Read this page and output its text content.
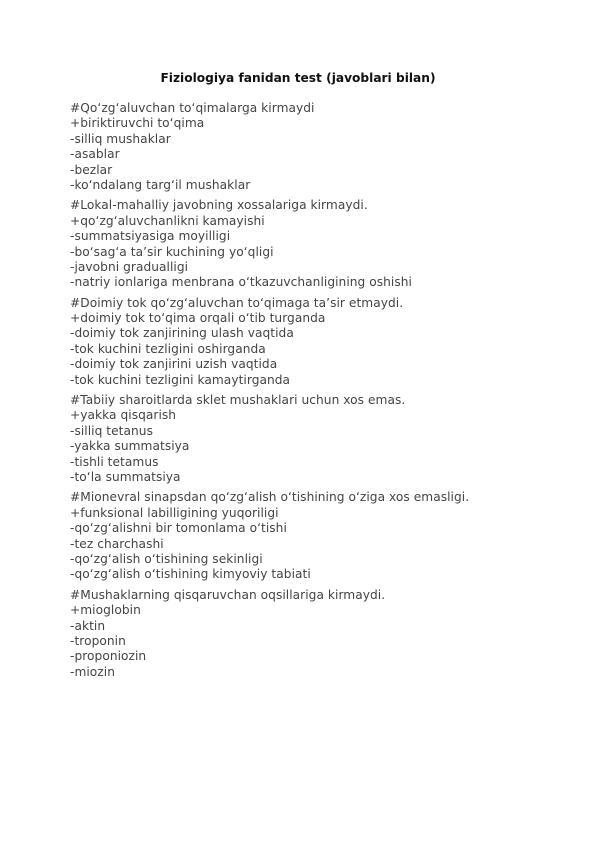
Fiziologiya fanidan test (javoblari bilan)
#Qo‘zg‘aluvchan to‘qimalarga kirmaydi
+biriktiruvchi to‘qima
-silliq mushaklar
-asablar
-bezlar
-ko‘ndalang targ‘il mushaklar
#Lokal-mahalliy javobning xossalariga kirmaydi.
+qo‘zg‘aluvchanlikni kamayishi
-summatsiyasiga moyilligi
-bo‘sag‘a ta’sir kuchining yo‘qligi
-javobni gradualligi
-natriy ionlariga menbrana o‘tkazuvchanligining oshishi
#Doimiy tok qo‘zg‘aluvchan to‘qimaga ta’sir etmaydi.
+doimiy tok to‘qima orqali o‘tib turganda
-doimiy tok zanjirining ulash vaqtida
-tok kuchini tezligini oshirganda
-doimiy tok zanjirini uzish vaqtida
-tok kuchini tezligini kamaytirganda
#Tabiiy sharoitlarda sklet mushaklari uchun xos emas.
+yakka qisqarish
-silliq tetanus
-yakka summatsiya
-tishli tetamus
-to‘la summatsiya
#Mionevral sinapsdan qo‘zg‘alish o‘tishining o‘ziga xos emasligi.
+funksional labilligining yuqoriligi
-qo‘zg‘alishni bir tomonlama o‘tishi
-tez charchashi
-qo‘zg‘alish o‘tishining sekinligi
-qo‘zg‘alish o‘tishining kimyoviy tabiati
#Mushaklarning qisqaruvchan oqsillariga kirmaydi.
+mioglobin
-aktin
-troponin
-proponiozin
-miozin
